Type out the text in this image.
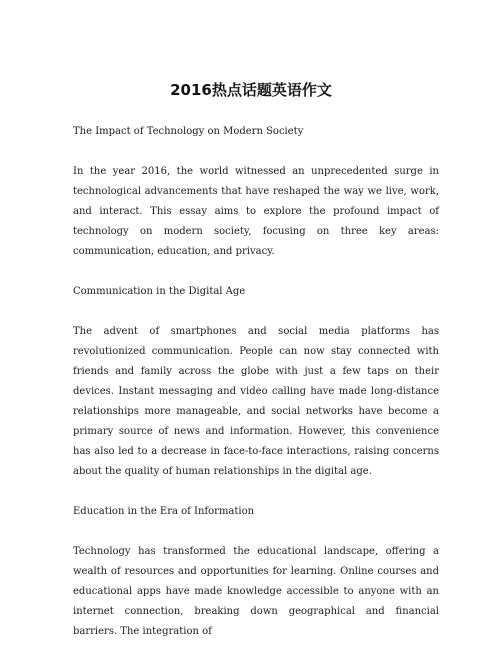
2016热点话题英语作文

The Impact of Technology on Modern Society

In the year 2016, the world witnessed an unprecedented surge in technological advancements that have reshaped the way we live, work, and interact. This essay aims to explore the profound impact of technology on modern society, focusing on three key areas: communication, education, and privacy.

Communication in the Digital Age

The advent of smartphones and social media platforms has revolutionized communication. People can now stay connected with friends and family across the globe with just a few taps on their devices. Instant messaging and video calling have made long-distance relationships more manageable, and social networks have become a primary source of news and information. However, this convenience has also led to a decrease in face-to-face interactions, raising concerns about the quality of human relationships in the digital age.

Education in the Era of Information

Technology has transformed the educational landscape, offering a wealth of resources and opportunities for learning. Online courses and educational apps have made knowledge accessible to anyone with an internet connection, breaking down geographical and financial barriers. The integration of
